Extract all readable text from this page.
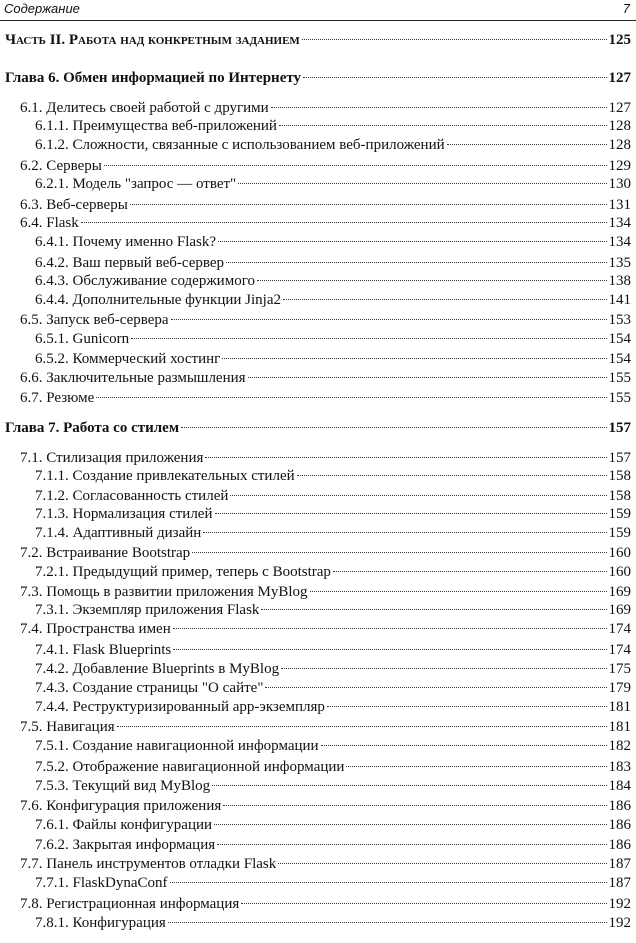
Содержание	7
Часть II. Работа над конкретным заданием	125
Глава 6. Обмен информацией по Интернету	127
6.1. Делитесь своей работой с другими	127
6.1.1. Преимущества веб-приложений	128
6.1.2. Сложности, связанные с использованием веб-приложений	128
6.2. Серверы	129
6.2.1. Модель "запрос — ответ"	130
6.3. Веб-серверы	131
6.4. Flask	134
6.4.1. Почему именно Flask?	134
6.4.2. Ваш первый веб-сервер	135
6.4.3. Обслуживание содержимого	138
6.4.4. Дополнительные функции Jinja2	141
6.5. Запуск веб-сервера	153
6.5.1. Gunicorn	154
6.5.2. Коммерческий хостинг	154
6.6. Заключительные размышления	155
6.7. Резюме	155
Глава 7. Работа со стилем	157
7.1. Стилизация приложения	157
7.1.1. Создание привлекательных стилей	158
7.1.2. Согласованность стилей	158
7.1.3. Нормализация стилей	159
7.1.4. Адаптивный дизайн	159
7.2. Встраивание Bootstrap	160
7.2.1. Предыдущий пример, теперь с Bootstrap	160
7.3. Помощь в развитии приложения MyBlog	169
7.3.1. Экземпляр приложения Flask	169
7.4. Пространства имен	174
7.4.1. Flask Blueprints	174
7.4.2. Добавление Blueprints в MyBlog	175
7.4.3. Создание страницы "О сайте"	179
7.4.4. Реструктуризированный app-экземпляр	181
7.5. Навигация	181
7.5.1. Создание навигационной информации	182
7.5.2. Отображение навигационной информации	183
7.5.3. Текущий вид MyBlog	184
7.6. Конфигурация приложения	186
7.6.1. Файлы конфигурации	186
7.6.2. Закрытая информация	186
7.7. Панель инструментов отладки Flask	187
7.7.1. FlaskDynaConf	187
7.8. Регистрационная информация	192
7.8.1. Конфигурация	192
